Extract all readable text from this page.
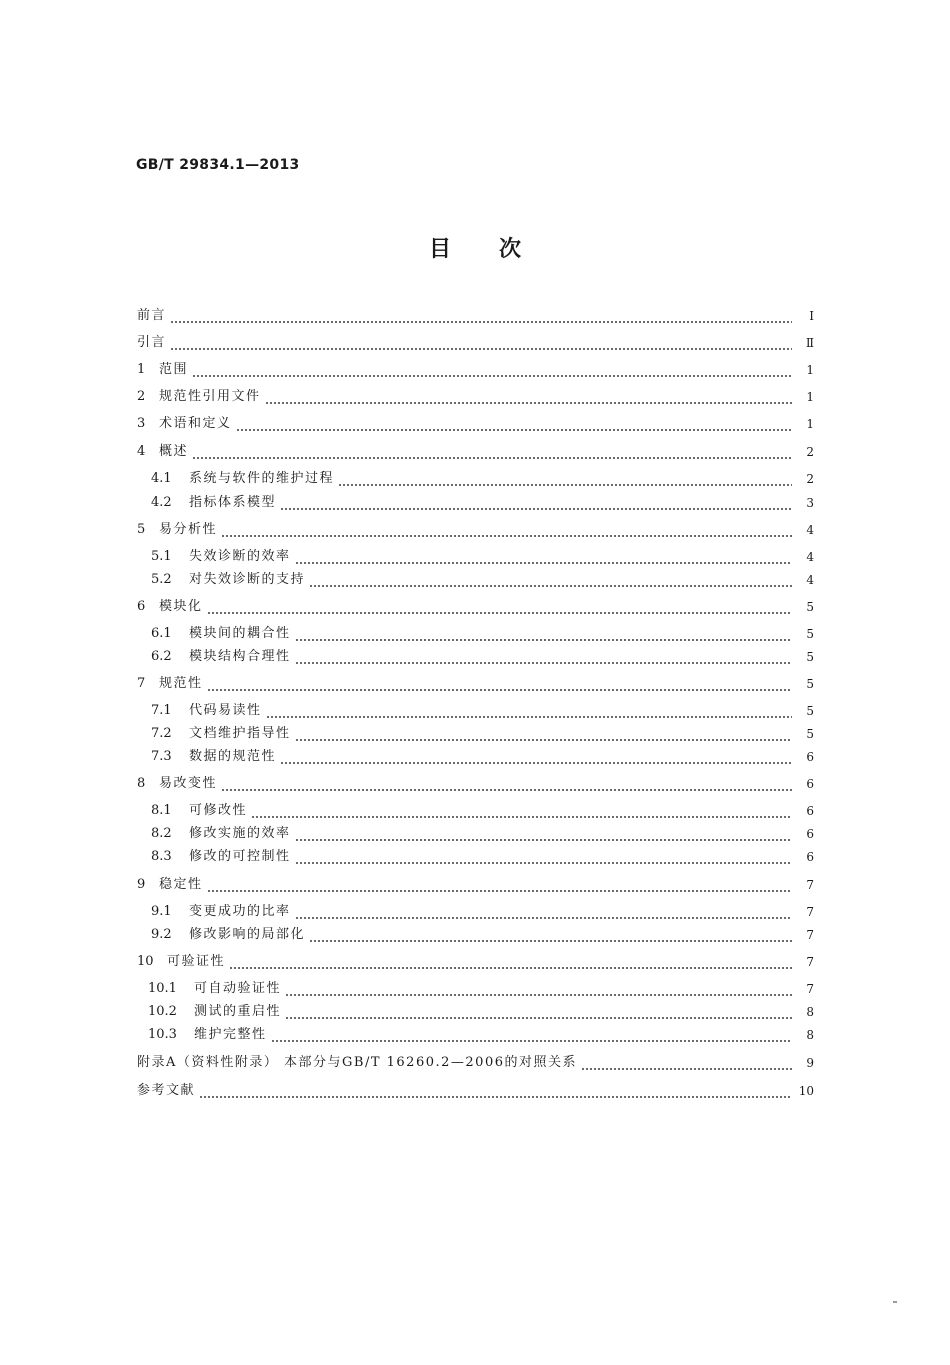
GB/T 29834.1—2013
目次
前言	Ⅰ
引言	Ⅱ
1 范围	1
2 规范性引用文件	1
3 术语和定义	1
4 概述	2
4.1 系统与软件的维护过程	2
4.2 指标体系模型	3
5 易分析性	4
5.1 失效诊断的效率	4
5.2 对失效诊断的支持	4
6 模块化	5
6.1 模块间的耦合性	5
6.2 模块结构合理性	5
7 规范性	5
7.1 代码易读性	5
7.2 文档维护指导性	5
7.3 数据的规范性	6
8 易改变性	6
8.1 可修改性	6
8.2 修改实施的效率	6
8.3 修改的可控制性	6
9 稳定性	7
9.1 变更成功的比率	7
9.2 修改影响的局部化	7
10 可验证性	7
10.1 可自动验证性	7
10.2 测试的重启性	8
10.3 维护完整性	8
附录A（资料性附录） 本部分与GB/T 16260.2—2006的对照关系	9
参考文献	10
